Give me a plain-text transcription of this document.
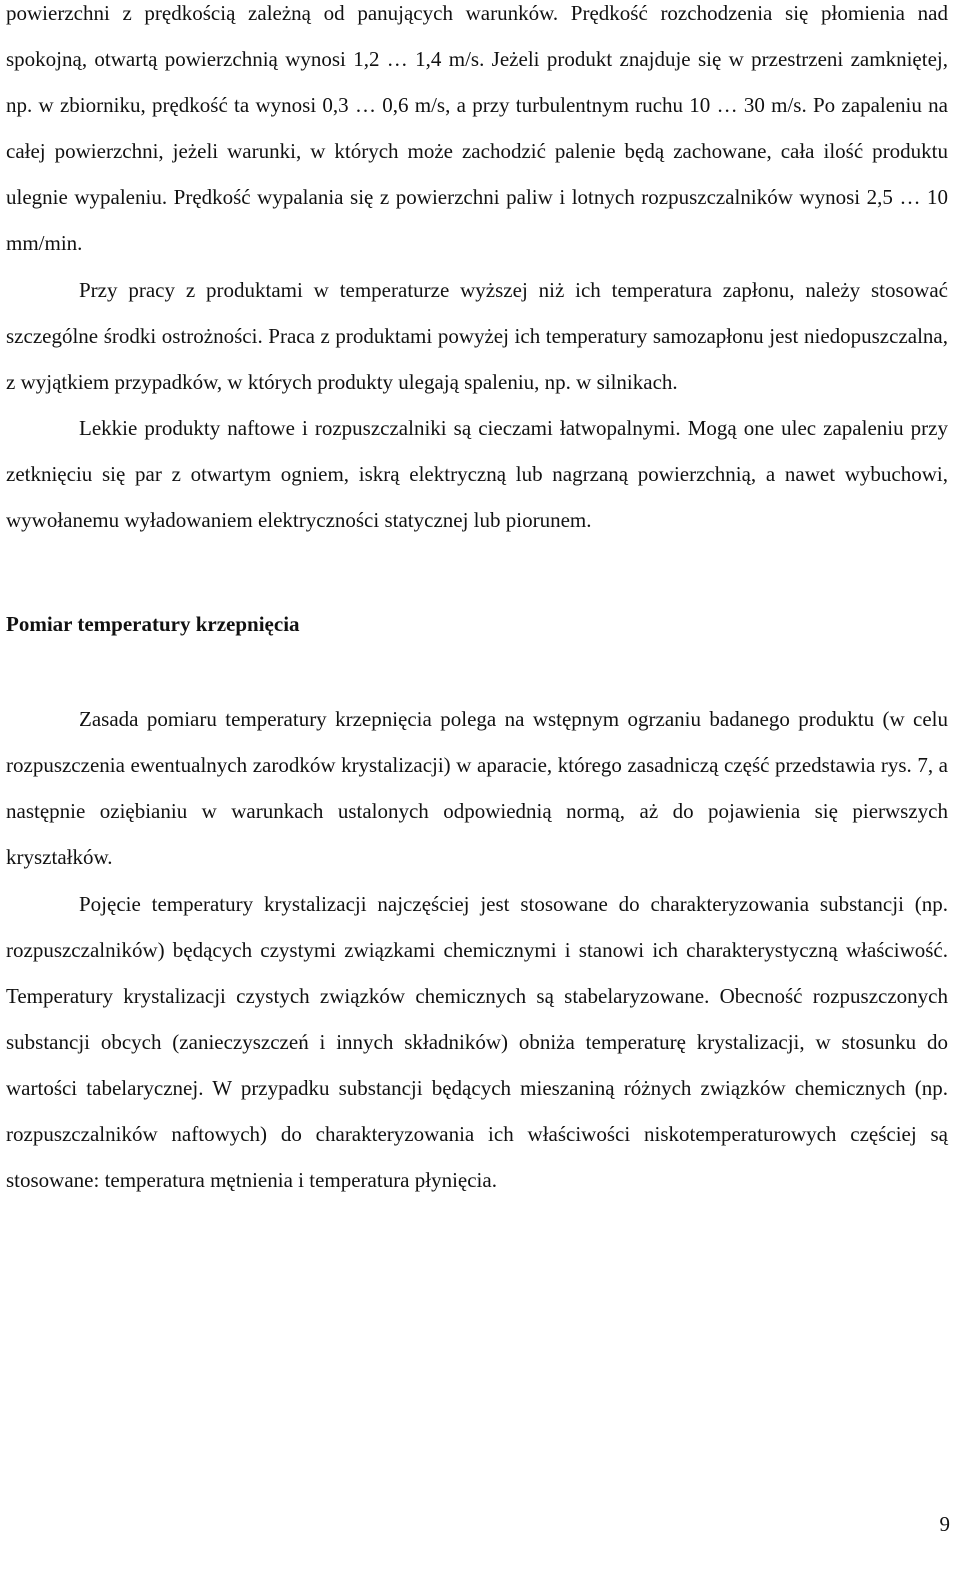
powierzchni z prędkością zależną od panujących warunków. Prędkość rozchodzenia się płomienia nad spokojną, otwartą powierzchnią wynosi 1,2 … 1,4 m/s. Jeżeli produkt znajduje się w przestrzeni zamkniętej, np. w zbiorniku, prędkość ta wynosi 0,3 … 0,6 m/s, a przy turbulentnym ruchu 10 … 30 m/s. Po zapaleniu na całej powierzchni, jeżeli warunki, w których może zachodzić palenie będą zachowane, cała ilość produktu ulegnie wypaleniu. Prędkość wypalania się z powierzchni paliw i lotnych rozpuszczalników wynosi 2,5 … 10 mm/min.

Przy pracy z produktami w temperaturze wyższej niż ich temperatura zapłonu, należy stosować szczególne środki ostrożności. Praca z produktami powyżej ich temperatury samozapłonu jest niedopuszczalna, z wyjątkiem przypadków, w których produkty ulegają spaleniu, np. w silnikach.

Lekkie produkty naftowe i rozpuszczalniki są cieczami łatwopalnymi. Mogą one ulec zapaleniu przy zetknięciu się par z otwartym ogniem, iskrą elektryczną lub nagrzaną powierzchnią, a nawet wybuchowi, wywołanemu wyładowaniem elektryczności statycznej lub piorunem.

Pomiar temperatury krzepnięcia

Zasada pomiaru temperatury krzepnięcia polega na wstępnym ogrzaniu badanego produktu (w celu rozpuszczenia ewentualnych zarodków krystalizacji) w aparacie, którego zasadniczą część przedstawia rys. 7, a następnie oziębianiu w warunkach ustalonych odpowiednią normą, aż do pojawienia się pierwszych kryształków.

Pojęcie temperatury krystalizacji najczęściej jest stosowane do charakteryzowania substancji (np. rozpuszczalników) będących czystymi związkami chemicznymi i stanowi ich charakterystyczną właściwość. Temperatury krystalizacji czystych związków chemicznych są stabelaryzowane. Obecność rozpuszczonych substancji obcych (zanieczyszczeń i innych składników) obniża temperaturę krystalizacji, w stosunku do wartości tabelarycznej. W przypadku substancji będących mieszaniną różnych związków chemicznych (np. rozpuszczalników naftowych) do charakteryzowania ich właściwości niskotemperaturowych częściej są stosowane: temperatura mętnienia i temperatura płynięcia.

9
